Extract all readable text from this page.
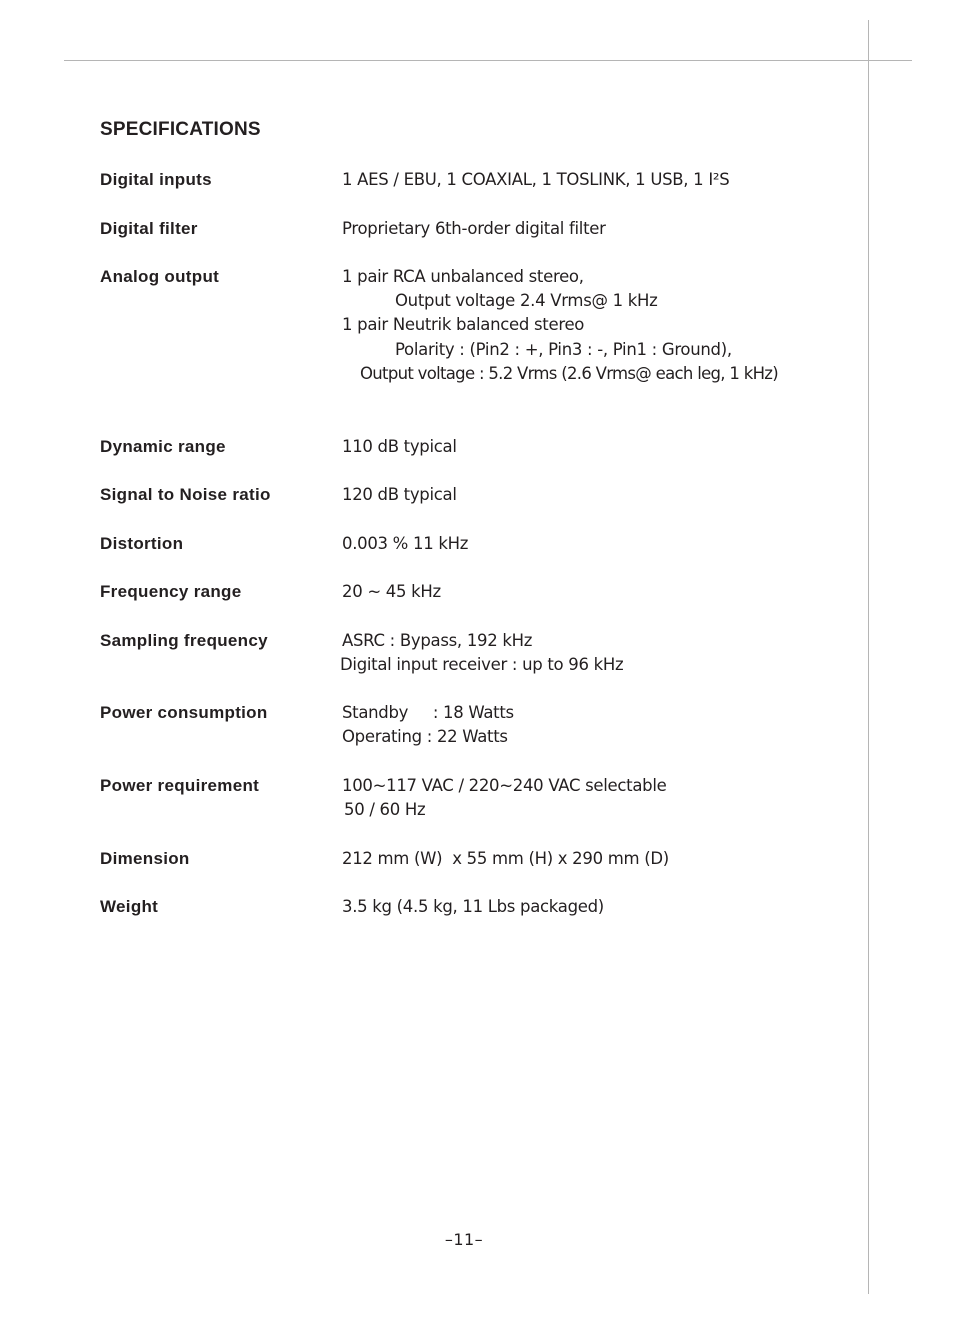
SPECIFICATIONS
Digital inputs	1 AES / EBU, 1 COAXIAL, 1 TOSLINK, 1 USB, 1 I²S
Digital filter	Proprietary 6th-order digital filter
Analog output	1 pair RCA unbalanced stereo,
Output voltage 2.4 Vrms@ 1 kHz
1 pair Neutrik balanced stereo
Polarity : (Pin2 : +, Pin3 : -, Pin1 : Ground),
Output voltage : 5.2 Vrms (2.6 Vrms@ each leg, 1 kHz)
Dynamic range	110 dB typical
Signal to Noise ratio	120 dB typical
Distortion	0.003 % 11 kHz
Frequency range	20 ~ 45 kHz
Sampling frequency	ASRC : Bypass, 192 kHz
Digital input receiver : up to 96 kHz
Power consumption	Standby     : 18 Watts
Operating : 22 Watts
Power requirement	100~117 VAC / 220~240 VAC selectable
50 / 60 Hz
Dimension	212 mm (W)  x 55 mm (H) x 290 mm (D)
Weight	3.5 kg (4.5 kg, 11 Lbs packaged)
–11–
